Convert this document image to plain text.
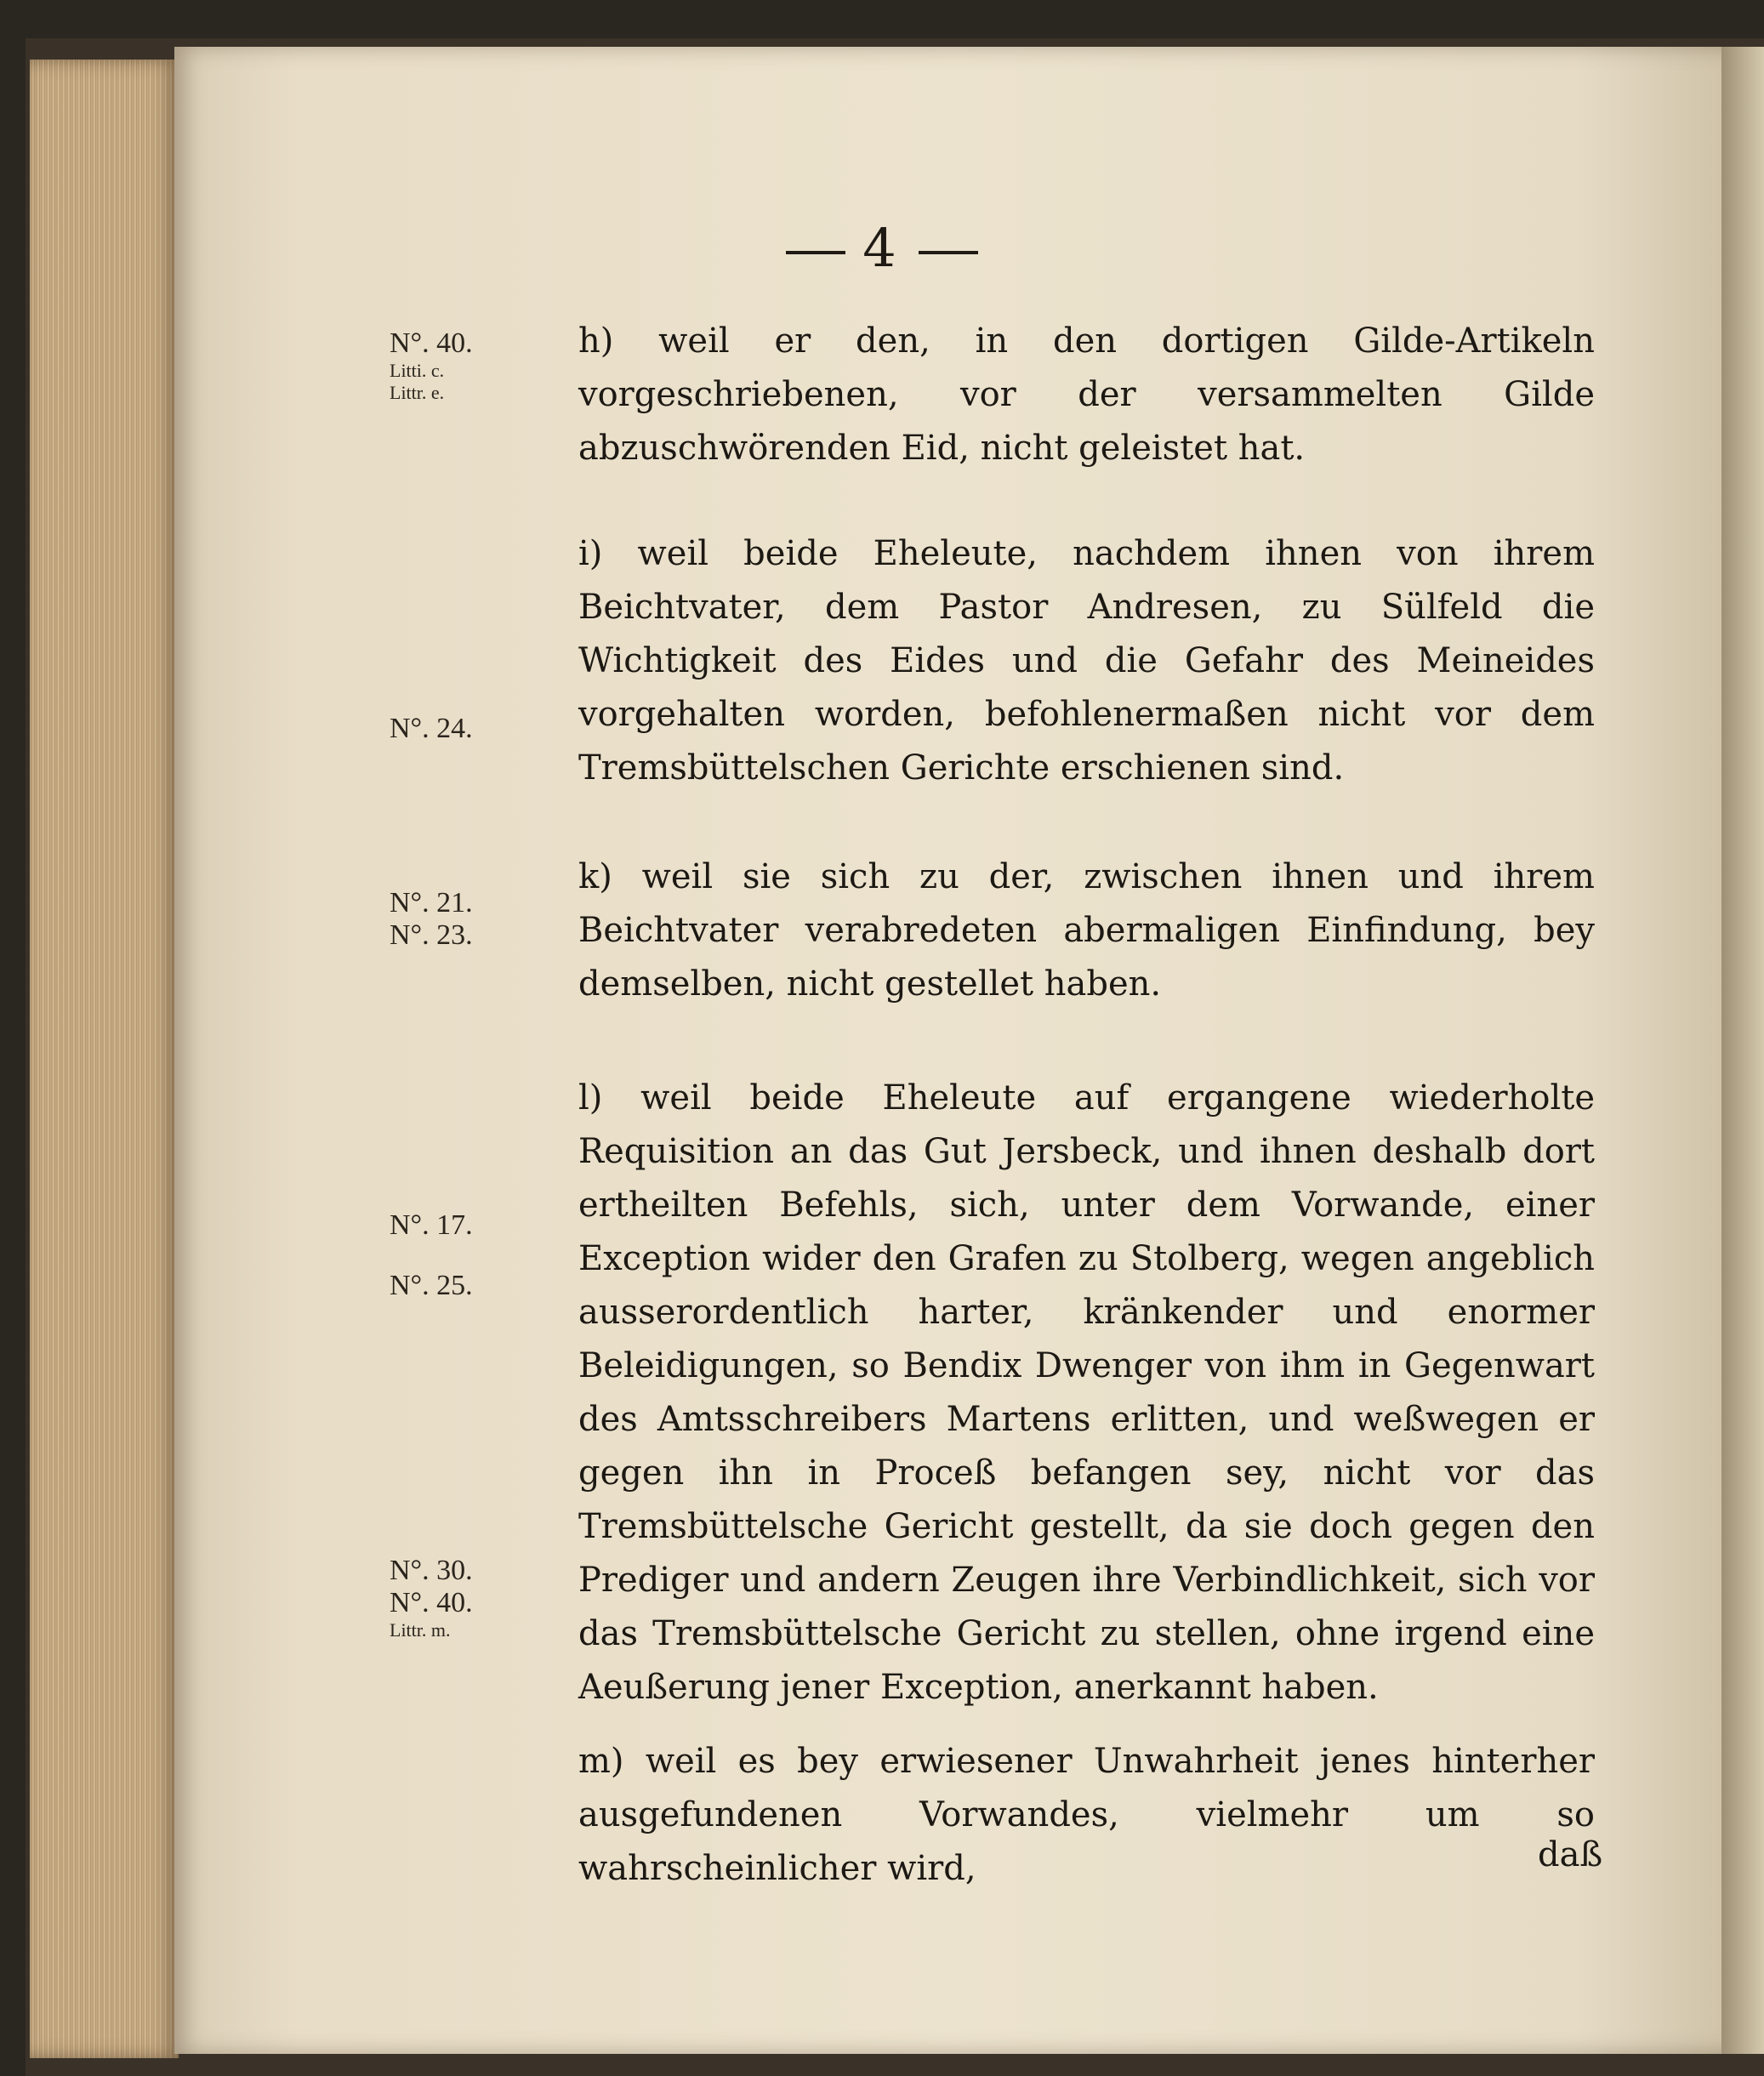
4
N°. 40.
Litti. c.
Littr. e.
N°. 24.
N°. 21.
N°. 23.
N°. 17.
N°. 25.
N°. 30.
N°. 40.
Littr. m.
h) weil er den, in den dortigen Gilde-Artikeln vorgeschriebenen, vor der versammelten Gilde abzuschwörenden Eid, nicht geleistet hat.
i) weil beide Eheleute, nachdem ihnen von ihrem Beichtvater, dem Pastor Andresen, zu Sülfeld die Wichtigkeit des Eides und die Gefahr des Meineides vorgehalten worden, befohlenermaßen nicht vor dem Tremsbüttelschen Gerichte erschienen sind.
k) weil sie sich zu der, zwischen ihnen und ihrem Beichtvater verabredeten abermaligen Einfindung, bey demselben, nicht gestellet haben.
l) weil beide Eheleute auf ergangene wiederholte Requisition an das Gut Jersbeck, und ihnen deshalb dort ertheilten Befehls, sich, unter dem Vorwande, einer Exception wider den Grafen zu Stolberg, wegen angeblich ausserordentlich harter, kränkender und enormer Beleidigungen, so Bendix Dwenger von ihm in Gegenwart des Amtsschreibers Martens erlitten, und weßwegen er gegen ihn in Proceß befangen sey, nicht vor das Tremsbüttelsche Gericht gestellt, da sie doch gegen den Prediger und andern Zeugen ihre Verbindlichkeit, sich vor das Tremsbüttelsche Gericht zu stellen, ohne irgend eine Aeußerung jener Exception, anerkannt haben.
m) weil es bey erwiesener Unwahrheit jenes hinterher ausgefundenen Vorwandes, vielmehr um so wahrscheinlicher wird,	daß
